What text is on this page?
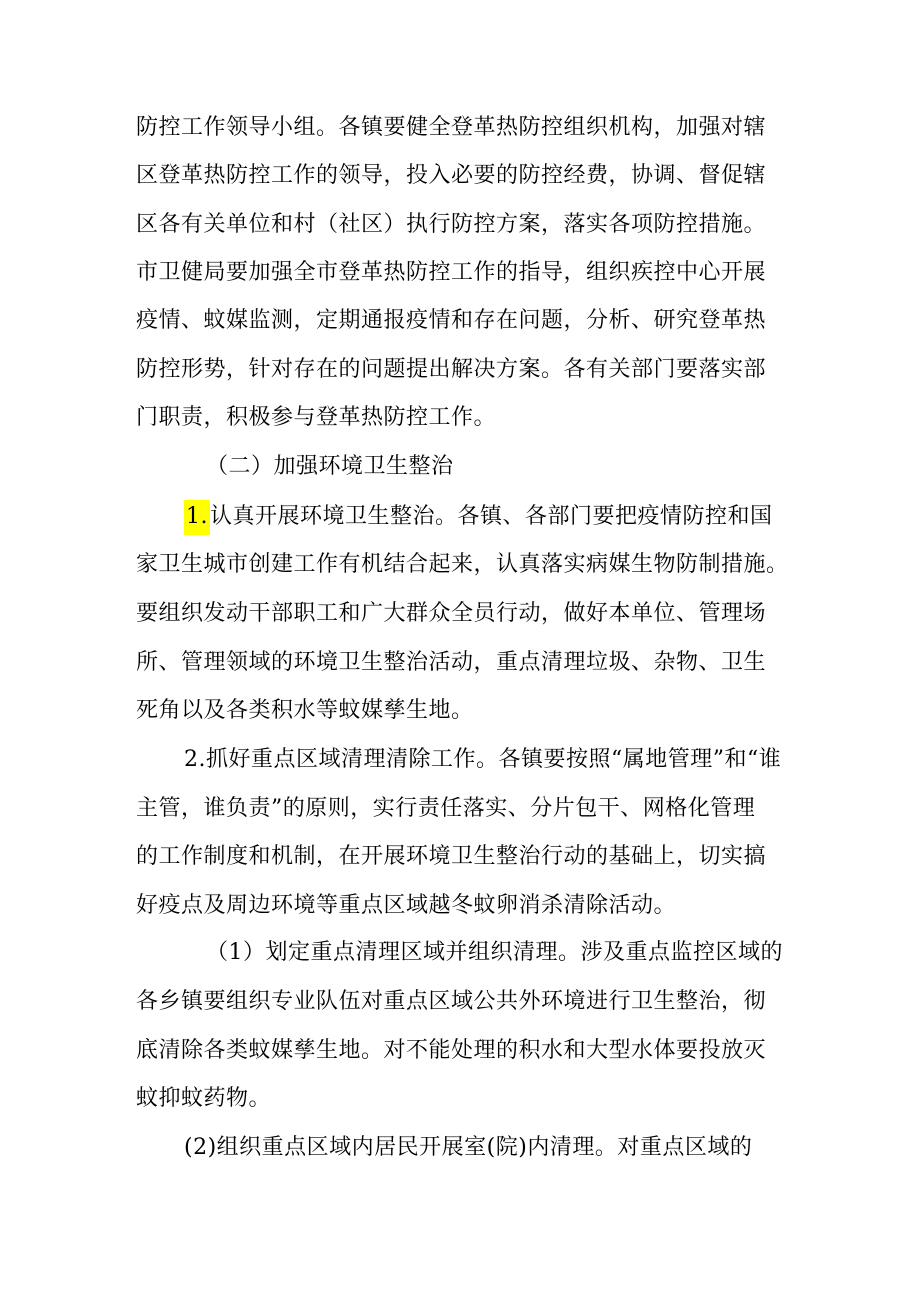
防控工作领导小组。各镇要健全登革热防控组织机构，加强对辖
区登革热防控工作的领导，投入必要的防控经费，协调、督促辖
区各有关单位和村（社区）执行防控方案，落实各项防控措施。
市卫健局要加强全市登革热防控工作的指导，组织疾控中心开展
疫情、蚊媒监测，定期通报疫情和存在问题，分析、研究登革热
防控形势，针对存在的问题提出解决方案。各有关部门要落实部
门职责，积极参与登革热防控工作。
（二）加强环境卫生整治
1.认真开展环境卫生整治。各镇、各部门要把疫情防控和国
家卫生城市创建工作有机结合起来，认真落实病媒生物防制措施。
要组织发动干部职工和广大群众全员行动，做好本单位、管理场
所、管理领域的环境卫生整治活动，重点清理垃圾、杂物、卫生
死角以及各类积水等蚊媒孳生地。
2.抓好重点区域清理清除工作。各镇要按照“属地管理”和“谁
主管，谁负责”的原则，实行责任落实、分片包干、网格化管理
的工作制度和机制，在开展环境卫生整治行动的基础上，切实搞
好疫点及周边环境等重点区域越冬蚊卵消杀清除活动。
（1）划定重点清理区域并组织清理。涉及重点监控区域的
各乡镇要组织专业队伍对重点区域公共外环境进行卫生整治，彻
底清除各类蚊媒孳生地。对不能处理的积水和大型水体要投放灭
蚊抑蚊药物。
(2)组织重点区域内居民开展室(院)内清理。对重点区域的
